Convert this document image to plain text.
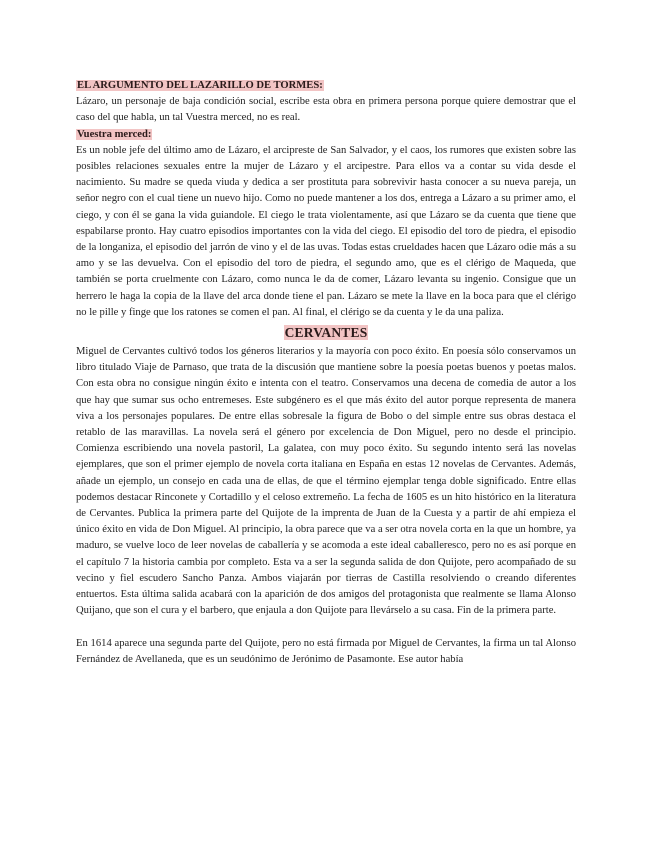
EL ARGUMENTO DEL LAZARILLO DE TORMES:

Lázaro, un personaje de baja condición social, escribe esta obra en primera persona porque quiere demostrar que el caso del que habla, un tal Vuestra merced, no es real.

Vuestra merced:

Es un noble jefe del último amo de Lázaro, el arcipreste de San Salvador, y el caos, los rumores que existen sobre las posibles relaciones sexuales entre la mujer de Lázaro y el arcipestre. Para ellos va a contar su vida desde el nacimiento. Su madre se queda viuda y dedica a ser prostituta para sobrevivir hasta conocer a su nueva pareja, un señor negro con el cual tiene un nuevo hijo. Como no puede mantener a los dos, entrega a Lázaro a su primer amo, el ciego, y con él se gana la vida guiandole. El ciego le trata violentamente, así que Lázaro se da cuenta que tiene que espabilarse pronto. Hay cuatro episodios importantes con la vida del ciego. El episodio del toro de piedra, el episodio de la longaniza, el episodio del jarrón de vino y el de las uvas. Todas estas crueldades hacen que Lázaro odie más a su amo y se las devuelva. Con el episodio del toro de piedra, el segundo amo, que es el clérigo de Maqueda, que también se porta cruelmente con Lázaro, como nunca le da de comer, Lázaro levanta su ingenio. Consigue que un herrero le haga la copia de la llave del arca donde tiene el pan. Lázaro se mete la llave en la boca para que el clérigo no le pille y finge que los ratones se comen el pan. Al final, el clérigo se da cuenta y le da una paliza.

CERVANTES

Miguel de Cervantes cultivó todos los géneros literarios y la mayoría con poco éxito. En poesía sólo conservamos un libro titulado Viaje de Parnaso, que trata de la discusión que mantiene sobre la poesía poetas buenos y poetas malos. Con esta obra no consigue ningún éxito e intenta con el teatro. Conservamos una decena de comedia de autor a los que hay que sumar sus ocho entremeses. Este subgénero es el que más éxito del autor porque representa de manera viva a los personajes populares. De entre ellas sobresale la figura de Bobo o del simple entre sus obras destaca el retablo de las maravillas. La novela será el género por excelencia de Don Miguel, pero no desde el principio. Comienza escribiendo una novela pastoril, La galatea, con muy poco éxito. Su segundo intento será las novelas ejemplares, que son el primer ejemplo de novela corta italiana en España en estas 12 novelas de Cervantes. Además, añade un ejemplo, un consejo en cada una de ellas, de que el término ejemplar tenga doble significado. Entre ellas podemos destacar Rinconete y Cortadillo y el celoso extremeño. La fecha de 1605 es un hito histórico en la literatura de Cervantes. Publica la primera parte del Quijote de la imprenta de Juan de la Cuesta y a partir de ahí empieza el único éxito en vida de Don Miguel. Al principio, la obra parece que va a ser otra novela corta en la que un hombre, ya maduro, se vuelve loco de leer novelas de caballería y se acomoda a este ideal caballeresco, pero no es así porque en el capítulo 7 la historia cambia por completo. Esta va a ser la segunda salida de don Quijote, pero acompañado de su vecino y fiel escudero Sancho Panza. Ambos viajarán por tierras de Castilla resolviendo o creando diferentes entuertos. Esta última salida acabará con la aparición de dos amigos del protagonista que realmente se llama Alonso Quijano, que son el cura y el barbero, que enjaula a don Quijote para llevárselo a su casa. Fin de la primera parte.

En 1614 aparece una segunda parte del Quijote, pero no está firmada por Miguel de Cervantes, la firma un tal Alonso Fernández de Avellaneda, que es un seudónimo de Jerónimo de Pasamonte. Ese autor había
